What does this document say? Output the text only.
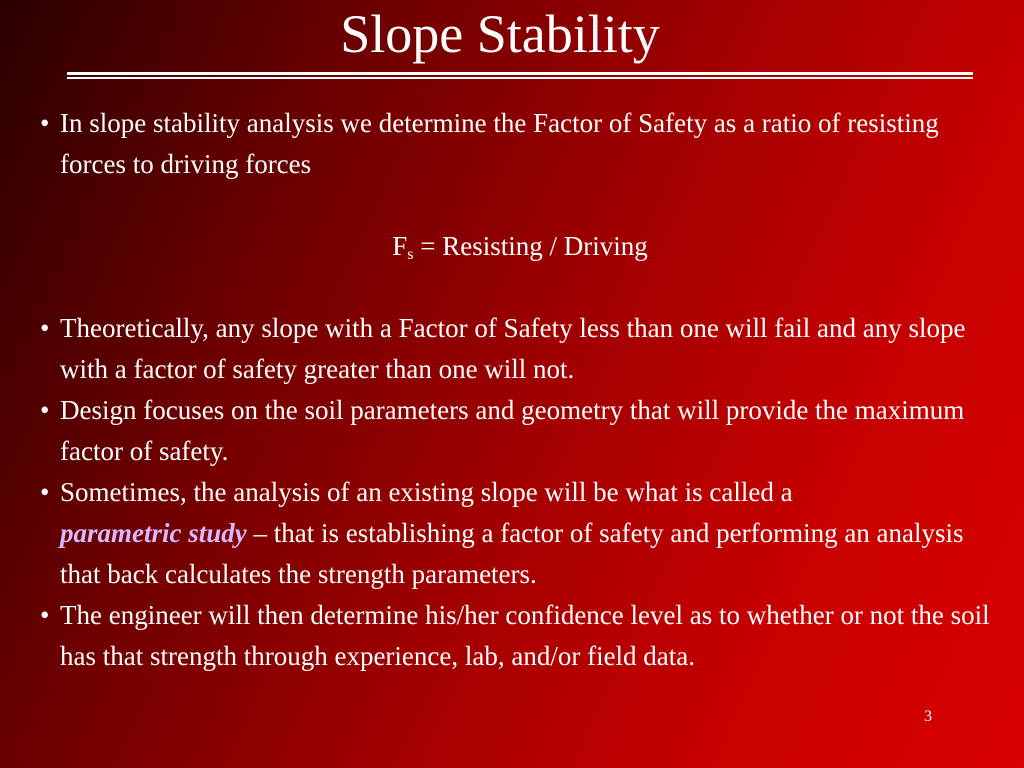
Slope Stability
• In slope stability analysis we determine the Factor of Safety as a ratio of resisting forces to driving forces
$F_s$ = Resisting / Driving
• Theoretically, any slope with a Factor of Safety less than one will fail and any slope with a factor of safety greater than one will not.
• Design focuses on the soil parameters and geometry that will provide the maximum factor of safety.
• Sometimes, the analysis of an existing slope will be what is called a
parametric study – that is establishing a factor of safety and performing an analysis that back calculates the strength parameters.
• The engineer will then determine his/her confidence level as to whether or not the soil has that strength through experience, lab, and/or field data.
3
